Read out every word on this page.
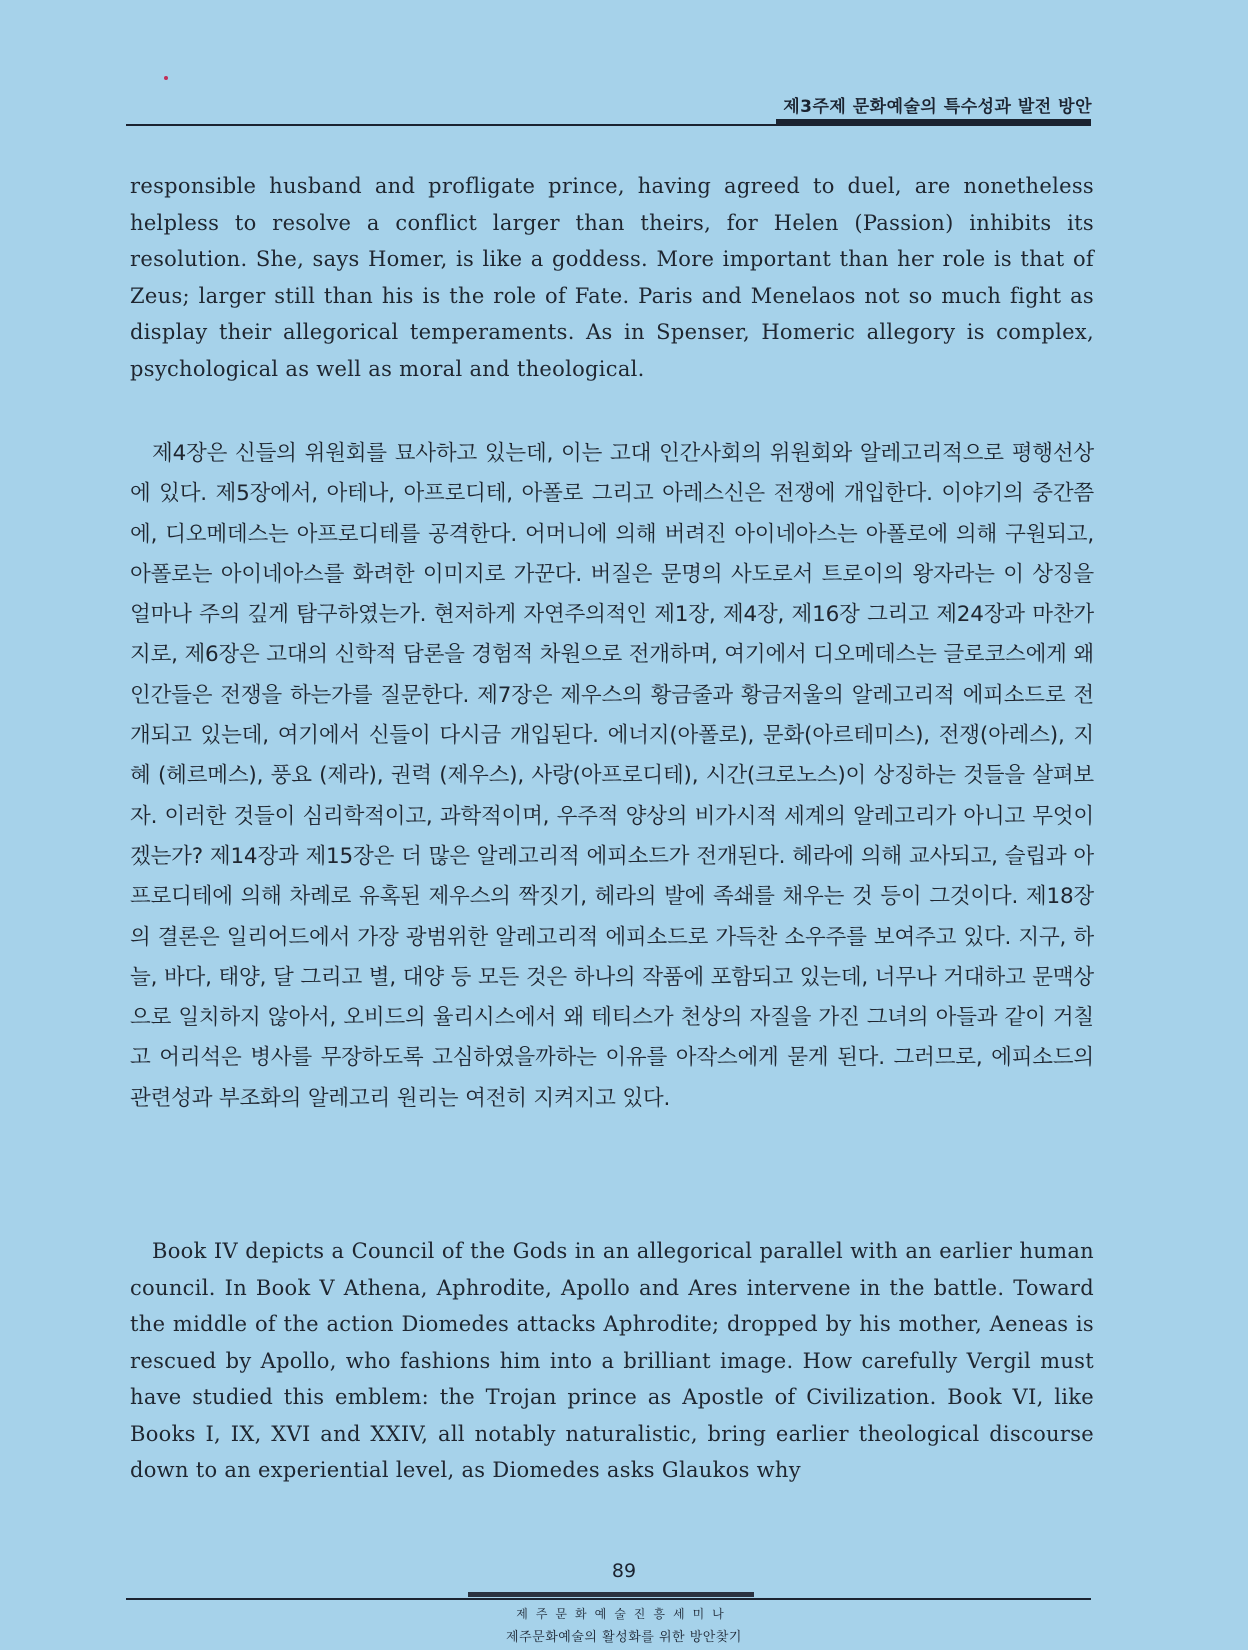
제3주제 문화예술의 특수성과 발전 방안

responsible husband and profligate prince, having agreed to duel, are nonetheless helpless to resolve a conflict larger than theirs, for Helen (Passion) inhibits its resolution. She, says Homer, is like a goddess. More important than her role is that of Zeus; larger still than his is the role of Fate. Paris and Menelaos not so much fight as display their allegorical temperaments. As in Spenser, Homeric allegory is complex, psychological as well as moral and theological.

제4장은 신들의 위원회를 묘사하고 있는데, 이는 고대 인간사회의 위원회와 알레고리적으로 평행선상에 있다. 제5장에서, 아테나, 아프로디테, 아폴로 그리고 아레스신은 전쟁에 개입한다. 이야기의 중간쯤에, 디오메데스는 아프로디테를 공격한다. 어머니에 의해 버려진 아이네아스는 아폴로에 의해 구원되고, 아폴로는 아이네아스를 화려한 이미지로 가꾼다. 버질은 문명의 사도로서 트로이의 왕자라는 이 상징을 얼마나 주의 깊게 탐구하였는가. 현저하게 자연주의적인 제1장, 제4장, 제16장 그리고 제24장과 마찬가지로, 제6장은 고대의 신학적 담론을 경험적 차원으로 전개하며, 여기에서 디오메데스는 글로코스에게 왜 인간들은 전쟁을 하는가를 질문한다. 제7장은 제우스의 황금줄과 황금저울의 알레고리적 에피소드로 전개되고 있는데, 여기에서 신들이 다시금 개입된다. 에너지(아폴로), 문화(아르테미스), 전쟁(아레스), 지혜 (헤르메스), 풍요 (제라), 권력 (제우스), 사랑(아프로디테), 시간(크로노스)이 상징하는 것들을 살펴보자. 이러한 것들이 심리학적이고, 과학적이며, 우주적 양상의 비가시적 세계의 알레고리가 아니고 무엇이겠는가? 제14장과 제15장은 더 많은 알레고리적 에피소드가 전개된다. 헤라에 의해 교사되고, 슬립과 아프로디테에 의해 차례로 유혹된 제우스의 짝짓기, 헤라의 발에 족쇄를 채우는 것 등이 그것이다. 제18장의 결론은 일리어드에서 가장 광범위한 알레고리적 에피소드로 가득찬 소우주를 보여주고 있다. 지구, 하늘, 바다, 태양, 달 그리고 별, 대양 등 모든 것은 하나의 작품에 포함되고 있는데, 너무나 거대하고 문맥상으로 일치하지 않아서, 오비드의 율리시스에서 왜 테티스가 천상의 자질을 가진 그녀의 아들과 같이 거칠고 어리석은 병사를 무장하도록 고심하였을까하는 이유를 아작스에게 묻게 된다. 그러므로, 에피소드의 관련성과 부조화의 알레고리 원리는 여전히 지켜지고 있다.

Book IV depicts a Council of the Gods in an allegorical parallel with an earlier human council. In Book V Athena, Aphrodite, Apollo and Ares intervene in the battle. Toward the middle of the action Diomedes attacks Aphrodite; dropped by his mother, Aeneas is rescued by Apollo, who fashions him into a brilliant image. How carefully Vergil must have studied this emblem: the Trojan prince as Apostle of Civilization. Book VI, like Books I, IX, XVI and XXIV, all notably naturalistic, bring earlier theological discourse down to an experiential level, as Diomedes asks Glaukos why

89
제주문화예술진흥세미나
제주문화예술의 활성화를 위한 방안찾기
